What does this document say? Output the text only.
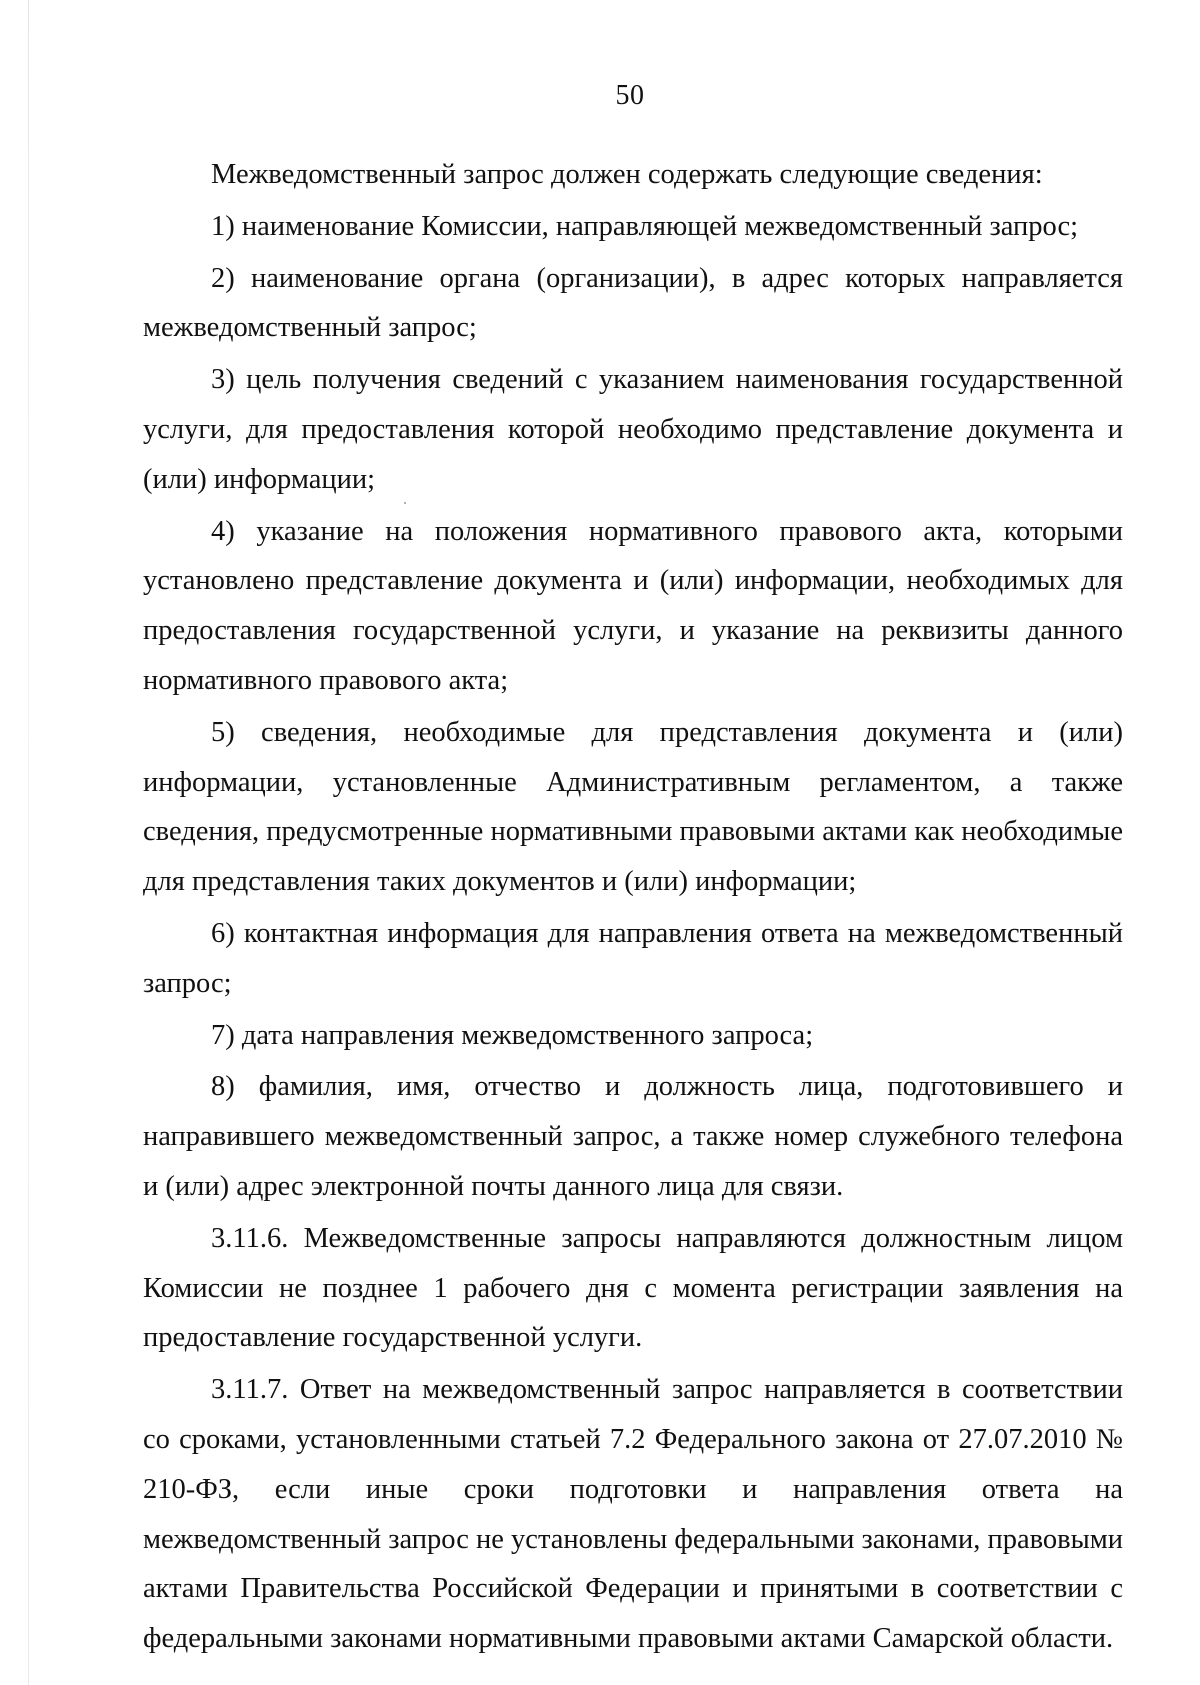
50

Межведомственный запрос должен содержать следующие сведения:

1) наименование Комиссии, направляющей межведомственный запрос;

2) наименование органа (организации), в адрес которых направляется межведомственный запрос;

3) цель получения сведений с указанием наименования государственной услуги, для предоставления которой необходимо представление документа и (или) информации;

4) указание на положения нормативного правового акта, которыми установлено представление документа и (или) информации, необходимых для предоставления государственной услуги, и указание на реквизиты данного нормативного правового акта;

5) сведения, необходимые для представления документа и (или) информации, установленные Административным регламентом, а также сведения, предусмотренные нормативными правовыми актами как необходимые для представления таких документов и (или) информации;

6) контактная информация для направления ответа на межведомственный запрос;

7) дата направления межведомственного запроса;

8) фамилия, имя, отчество и должность лица, подготовившего и направившего межведомственный запрос, а также номер служебного телефона и (или) адрес электронной почты данного лица для связи.

3.11.6. Межведомственные запросы направляются должностным лицом Комиссии не позднее 1 рабочего дня с момента регистрации заявления на предоставление государственной услуги.

3.11.7. Ответ на межведомственный запрос направляется в соответствии со сроками, установленными статьей 7.2 Федерального закона от 27.07.2010 № 210-ФЗ, если иные сроки подготовки и направления ответа на межведомственный запрос не установлены федеральными законами, правовыми актами Правительства Российской Федерации и принятыми в соответствии с федеральными законами нормативными правовыми актами Самарской области.
